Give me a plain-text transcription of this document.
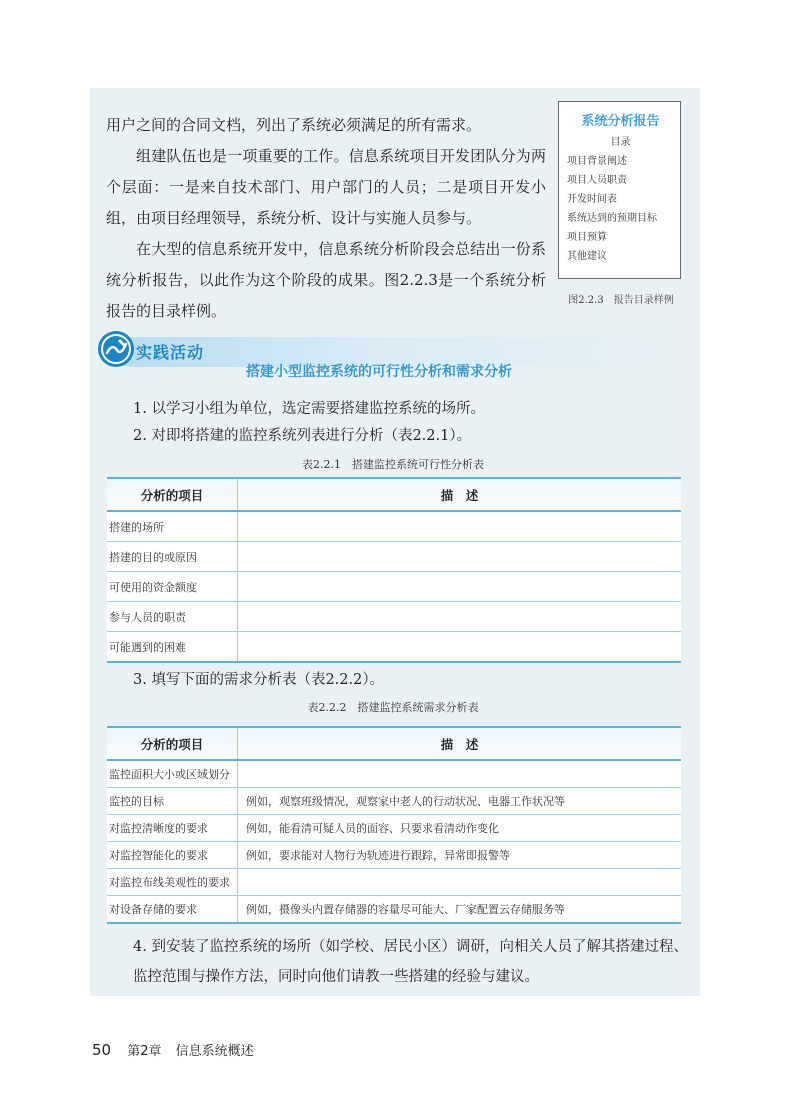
用户之间的合同文档，列出了系统必须满足的所有需求。

组建队伍也是一项重要的工作。信息系统项目开发团队分为两个层面：一是来自技术部门、用户部门的人员；二是项目开发小组，由项目经理领导，系统分析、设计与实施人员参与。

在大型的信息系统开发中，信息系统分析阶段会总结出一份系统分析报告，以此作为这个阶段的成果。图2.2.3是一个系统分析报告的目录样例。

系统分析报告
目录
项目背景阐述
项目人员职责
开发时间表
系统达到的预期目标
项目预算
其他建议
图2.2.3　报告目录样例
实践活动
搭建小型监控系统的可行性分析和需求分析
1. 以学习小组为单位，选定需要搭建监控系统的场所。
2. 对即将搭建的监控系统列表进行分析（表2.2.1）。
表2.2.1　搭建监控系统可行性分析表
分析的项目	描　述
搭建的场所	
搭建的目的或原因	
可使用的资金额度	
参与人员的职责	
可能遇到的困难	
3. 填写下面的需求分析表（表2.2.2）。
表2.2.2　搭建监控系统需求分析表
分析的项目	描　述
监控面积大小或区域划分	
监控的目标	例如，观察班级情况，观察家中老人的行动状况、电器工作状况等
对监控清晰度的要求	例如，能看清可疑人员的面容、只要求看清动作变化
对监控智能化的要求	例如，要求能对人物行为轨迹进行跟踪，异常即报警等
对监控布线美观性的要求	
对设备存储的要求	例如，摄像头内置存储器的容量尽可能大、厂家配置云存储服务等
4. 到安装了监控系统的场所（如学校、居民小区）调研，向相关人员了解其搭建过程、监控范围与操作方法，同时向他们请教一些搭建的经验与建议。
50 第2章 信息系统概述
